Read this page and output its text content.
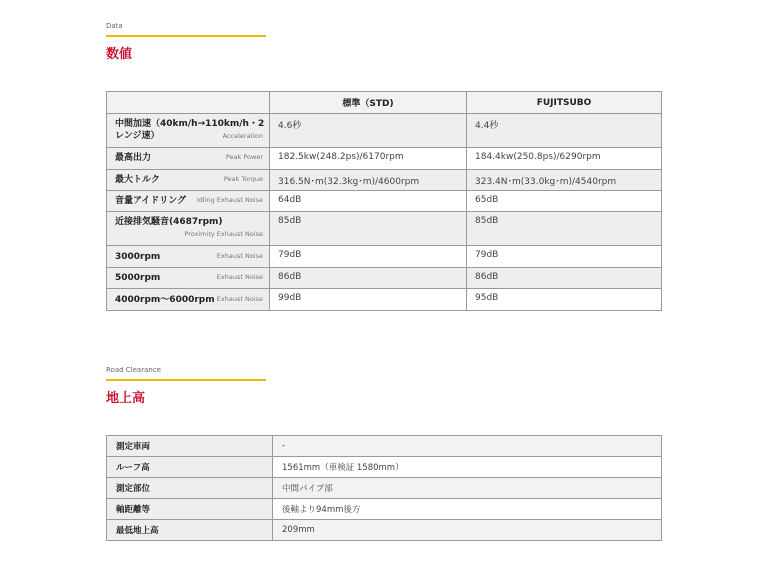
Data
数値
	標準（STD)	FUJITSUBO

中間加速（40km/h→110km/h・2レンジ速） Acceleration	4.6秒	4.4秒

最高出力 Peak Power	182.5kw(248.2ps)/6170rpm	184.4kw(250.8ps)/6290rpm

最大トルク Peak Torque	316.5N･m(32.3kg･m)/4600rpm	323.4N･m(33.0kg･m)/4540rpm

音量アイドリング Idling Exhaust Noise	64dB	65dB

近接排気騒音(4687rpm)
Proximity Exhaust Noise	85dB	85dB

3000rpm Exhaust Noise	79dB	79dB

5000rpm Exhaust Noise	86dB	86dB

4000rpm〜6000rpm Exhaust Noise	99dB	95dB
Road Clearance
地上高
測定車両	-
ルーフ高	1561mm（車検証 1580mm）
測定部位	中間パイプ部
軸距離等	後軸より94mm後方
最低地上高	209mm
